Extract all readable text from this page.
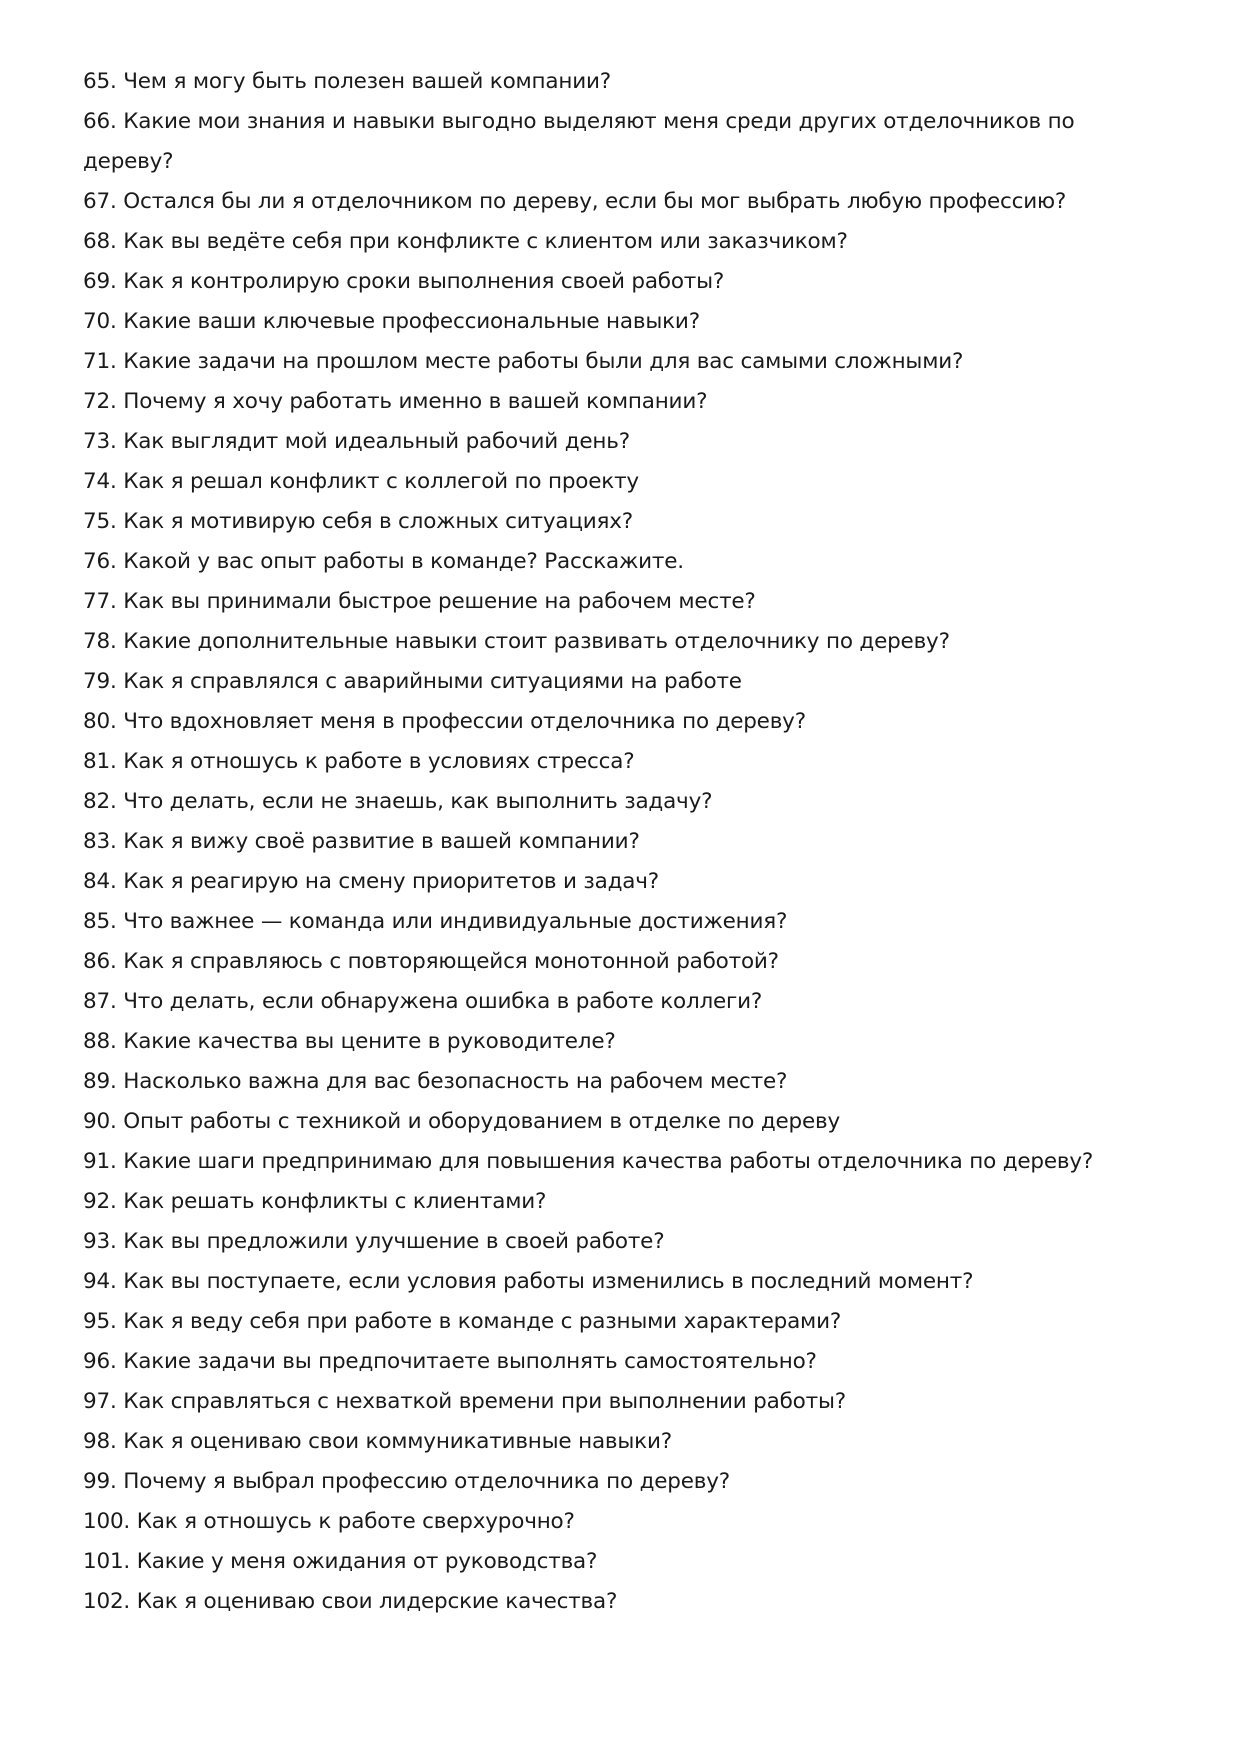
65. Чем я могу быть полезен вашей компании?
66. Какие мои знания и навыки выгодно выделяют меня среди других отделочников по дереву?
67. Остался бы ли я отделочником по дереву, если бы мог выбрать любую профессию?
68. Как вы ведёте себя при конфликте с клиентом или заказчиком?
69. Как я контролирую сроки выполнения своей работы?
70. Какие ваши ключевые профессиональные навыки?
71. Какие задачи на прошлом месте работы были для вас самыми сложными?
72. Почему я хочу работать именно в вашей компании?
73. Как выглядит мой идеальный рабочий день?
74. Как я решал конфликт с коллегой по проекту
75. Как я мотивирую себя в сложных ситуациях?
76. Какой у вас опыт работы в команде? Расскажите.
77. Как вы принимали быстрое решение на рабочем месте?
78. Какие дополнительные навыки стоит развивать отделочнику по дереву?
79. Как я справлялся с аварийными ситуациями на работе
80. Что вдохновляет меня в профессии отделочника по дереву?
81. Как я отношусь к работе в условиях стресса?
82. Что делать, если не знаешь, как выполнить задачу?
83. Как я вижу своё развитие в вашей компании?
84. Как я реагирую на смену приоритетов и задач?
85. Что важнее — команда или индивидуальные достижения?
86. Как я справляюсь с повторяющейся монотонной работой?
87. Что делать, если обнаружена ошибка в работе коллеги?
88. Какие качества вы цените в руководителе?
89. Насколько важна для вас безопасность на рабочем месте?
90. Опыт работы с техникой и оборудованием в отделке по дереву
91. Какие шаги предпринимаю для повышения качества работы отделочника по дереву?
92. Как решать конфликты с клиентами?
93. Как вы предложили улучшение в своей работе?
94. Как вы поступаете, если условия работы изменились в последний момент?
95. Как я веду себя при работе в команде с разными характерами?
96. Какие задачи вы предпочитаете выполнять самостоятельно?
97. Как справляться с нехваткой времени при выполнении работы?
98. Как я оцениваю свои коммуникативные навыки?
99. Почему я выбрал профессию отделочника по дереву?
100. Как я отношусь к работе сверхурочно?
101. Какие у меня ожидания от руководства?
102. Как я оцениваю свои лидерские качества?
